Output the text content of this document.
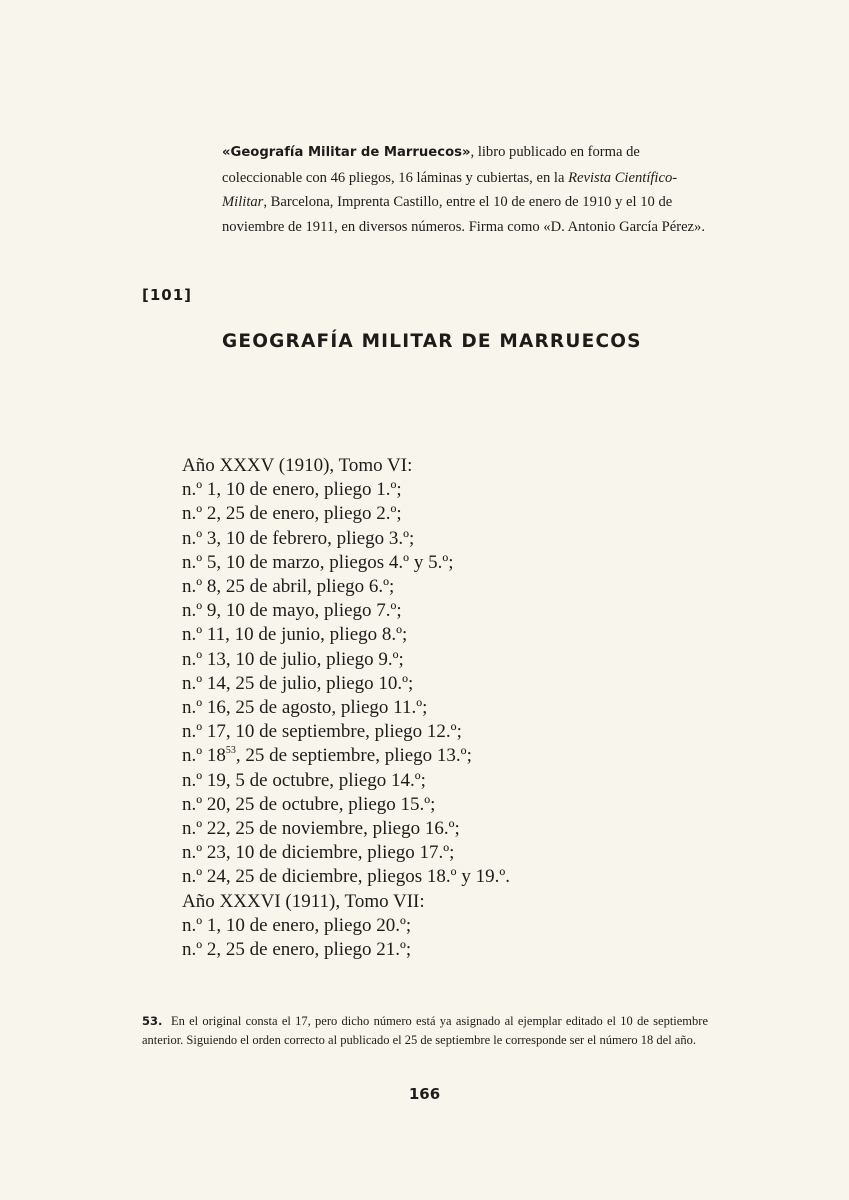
«Geografía Militar de Marruecos», libro publicado en forma de coleccionable con 46 pliegos, 16 láminas y cubiertas, en la Revista Científico-Militar, Barcelona, Imprenta Castillo, entre el 10 de enero de 1910 y el 10 de noviembre de 1911, en diversos números. Firma como «D. Antonio García Pérez».
[101]
GEOGRAFÍA MILITAR DE MARRUECOS
Año XXXV (1910), Tomo VI:
n.º 1, 10 de enero, pliego 1.º;
n.º 2, 25 de enero, pliego 2.º;
n.º 3, 10 de febrero, pliego 3.º;
n.º 5, 10 de marzo, pliegos 4.º y 5.º;
n.º 8, 25 de abril, pliego 6.º;
n.º 9, 10 de mayo, pliego 7.º;
n.º 11, 10 de junio, pliego 8.º;
n.º 13, 10 de julio, pliego 9.º;
n.º 14, 25 de julio, pliego 10.º;
n.º 16, 25 de agosto, pliego 11.º;
n.º 17, 10 de septiembre, pliego 12.º;
n.º $18^{53}$, 25 de septiembre, pliego 13.º;
n.º 19, 5 de octubre, pliego 14.º;
n.º 20, 25 de octubre, pliego 15.º;
n.º 22, 25 de noviembre, pliego 16.º;
n.º 23, 10 de diciembre, pliego 17.º;
n.º 24, 25 de diciembre, pliegos 18.º y 19.º.
Año XXXVI (1911), Tomo VII:
n.º 1, 10 de enero, pliego 20.º;
n.º 2, 25 de enero, pliego 21.º;
53. En el original consta el 17, pero dicho número está ya asignado al ejemplar editado el 10 de septiembre anterior. Siguiendo el orden correcto al publicado el 25 de septiembre le corresponde ser el número 18 del año.
166
